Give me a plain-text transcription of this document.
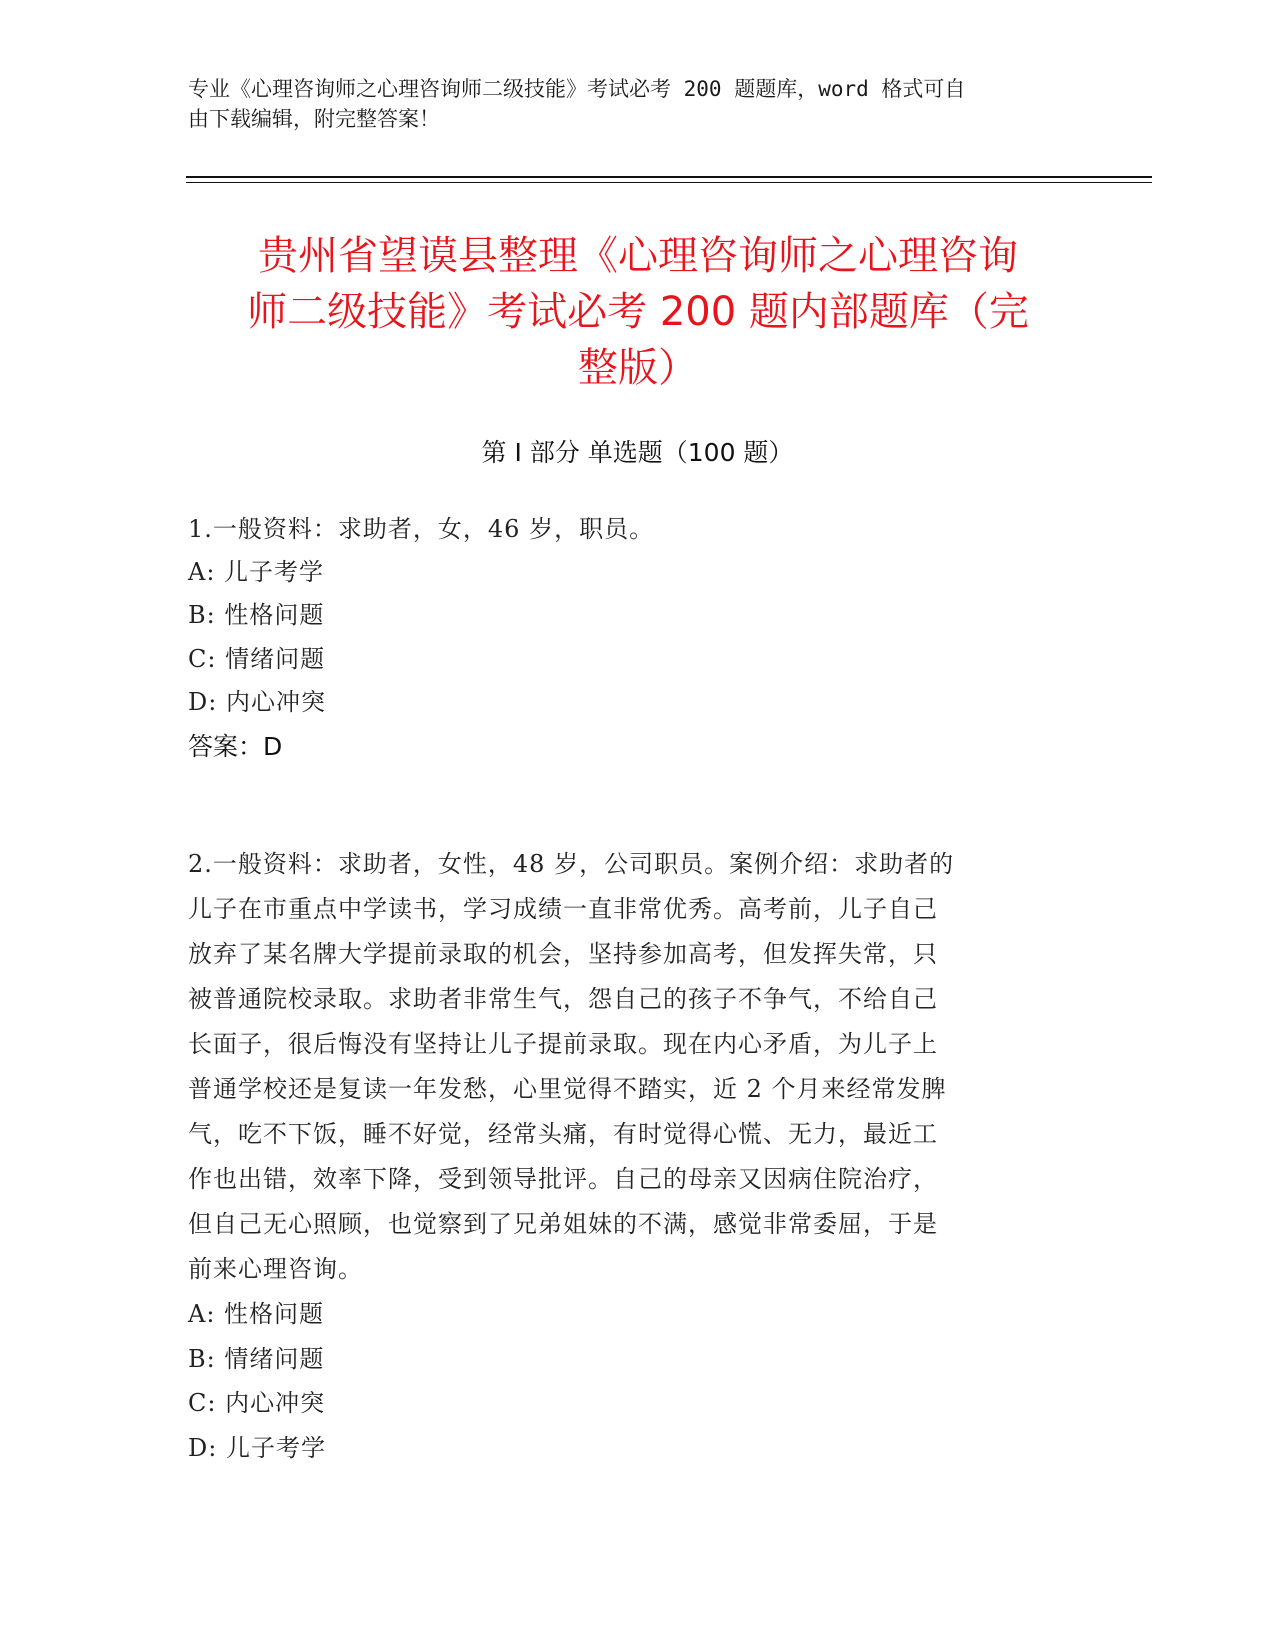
专业《心理咨询师之心理咨询师二级技能》考试必考 200 题题库，word 格式可自
由下载编辑，附完整答案！
贵州省望谟县整理《心理咨询师之心理咨询
师二级技能》考试必考 200 题内部题库（完
整版）
第 I 部分 单选题（100 题）
1.一般资料：求助者，女，46 岁，职员。
A: 儿子考学
B: 性格问题
C: 情绪问题
D: 内心冲突
答案：D
2.一般资料：求助者，女性，48 岁，公司职员。案例介绍：求助者的
儿子在市重点中学读书，学习成绩一直非常优秀。高考前，儿子自己
放弃了某名牌大学提前录取的机会，坚持参加高考，但发挥失常，只
被普通院校录取。求助者非常生气，怨自己的孩子不争气，不给自己
长面子，很后悔没有坚持让儿子提前录取。现在内心矛盾，为儿子上
普通学校还是复读一年发愁，心里觉得不踏实，近 2 个月来经常发脾
气，吃不下饭，睡不好觉，经常头痛，有时觉得心慌、无力，最近工
作也出错，效率下降，受到领导批评。自己的母亲又因病住院治疗，
但自己无心照顾，也觉察到了兄弟姐妹的不满，感觉非常委屈，于是
前来心理咨询。
A: 性格问题
B: 情绪问题
C: 内心冲突
D: 儿子考学
